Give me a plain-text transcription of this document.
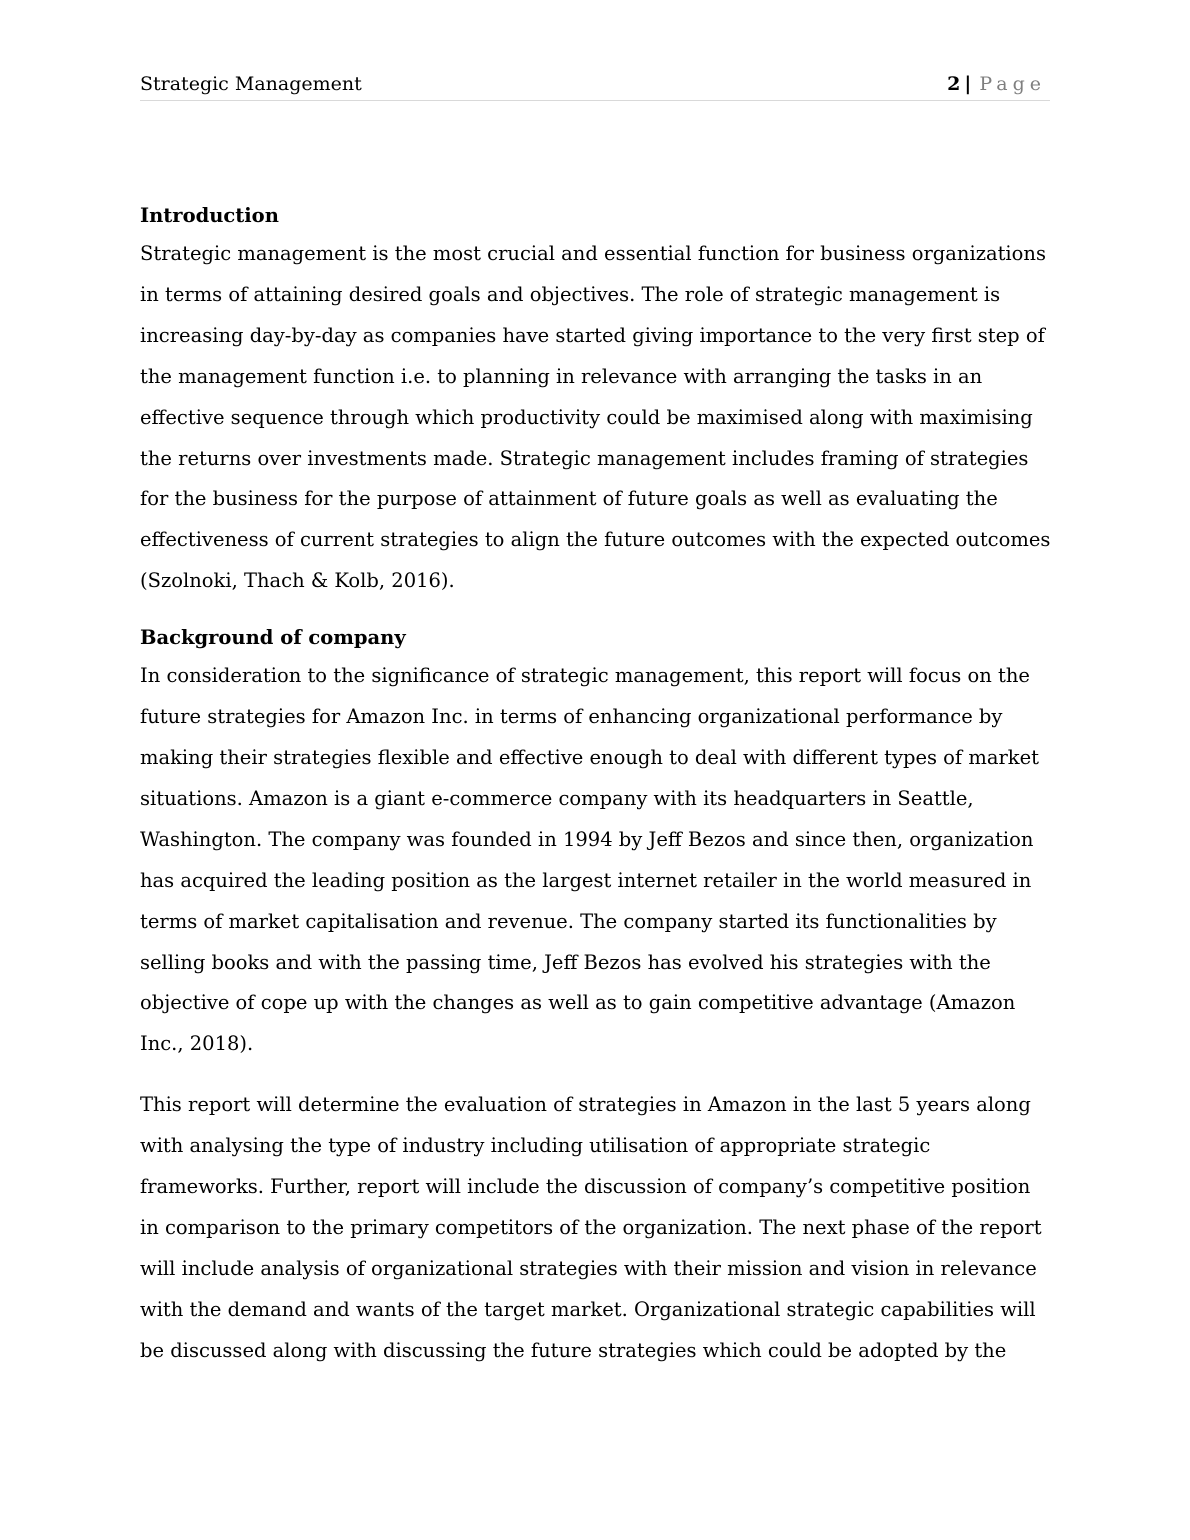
Strategic Management	2 | Page
Introduction

Strategic management is the most crucial and essential function for business organizations in terms of attaining desired goals and objectives. The role of strategic management is increasing day-by-day as companies have started giving importance to the very first step of the management function i.e. to planning in relevance with arranging the tasks in an effective sequence through which productivity could be maximised along with maximising the returns over investments made. Strategic management includes framing of strategies for the business for the purpose of attainment of future goals as well as evaluating the effectiveness of current strategies to align the future outcomes with the expected outcomes (Szolnoki, Thach & Kolb, 2016).

Background of company

In consideration to the significance of strategic management, this report will focus on the future strategies for Amazon Inc. in terms of enhancing organizational performance by making their strategies flexible and effective enough to deal with different types of market situations. Amazon is a giant e-commerce company with its headquarters in Seattle, Washington. The company was founded in 1994 by Jeff Bezos and since then, organization has acquired the leading position as the largest internet retailer in the world measured in terms of market capitalisation and revenue. The company started its functionalities by selling books and with the passing time, Jeff Bezos has evolved his strategies with the objective of cope up with the changes as well as to gain competitive advantage (Amazon Inc., 2018).

This report will determine the evaluation of strategies in Amazon in the last 5 years along with analysing the type of industry including utilisation of appropriate strategic frameworks. Further, report will include the discussion of company’s competitive position in comparison to the primary competitors of the organization. The next phase of the report will include analysis of organizational strategies with their mission and vision in relevance with the demand and wants of the target market. Organizational strategic capabilities will be discussed along with discussing the future strategies which could be adopted by the
